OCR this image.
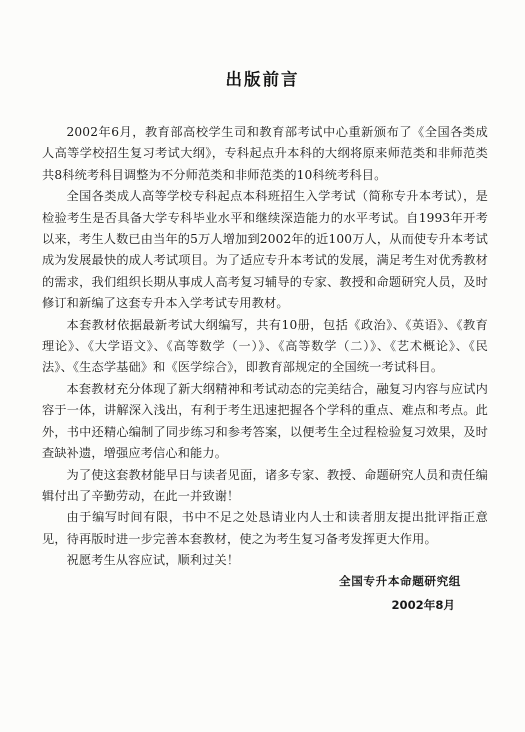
出版前言

2002年6月，教育部高校学生司和教育部考试中心重新颁布了《全国各类成人高等学校招生复习考试大纲》，专科起点升本科的大纲将原来师范类和非师范类共8科统考科目调整为不分师范类和非师范类的10科统考科目。

全国各类成人高等学校专科起点本科班招生入学考试（简称专升本考试），是检验考生是否具备大学专科毕业水平和继续深造能力的水平考试。自1993年开考以来，考生人数已由当年的5万人增加到2002年的近100万人，从而使专升本考试成为发展最快的成人考试项目。为了适应专升本考试的发展，满足考生对优秀教材的需求，我们组织长期从事成人高考复习辅导的专家、教授和命题研究人员，及时修订和新编了这套专升本入学考试专用教材。

本套教材依据最新考试大纲编写，共有10册，包括《政治》、《英语》、《教育理论》、《大学语文》、《高等数学（一）》、《高等数学（二）》、《艺术概论》、《民法》、《生态学基础》和《医学综合》，即教育部规定的全国统一考试科目。

本套教材充分体现了新大纲精神和考试动态的完美结合，融复习内容与应试内容于一体，讲解深入浅出，有利于考生迅速把握各个学科的重点、难点和考点。此外，书中还精心编制了同步练习和参考答案，以便考生全过程检验复习效果，及时查缺补遗，增强应考信心和能力。

为了使这套教材能早日与读者见面，诸多专家、教授、命题研究人员和责任编辑付出了辛勤劳动，在此一并致谢！

由于编写时间有限，书中不足之处恳请业内人士和读者朋友提出批评指正意见，待再版时进一步完善本套教材，使之为考生复习备考发挥更大作用。

祝愿考生从容应试，顺利过关！

全国专升本命题研究组
2002年8月
